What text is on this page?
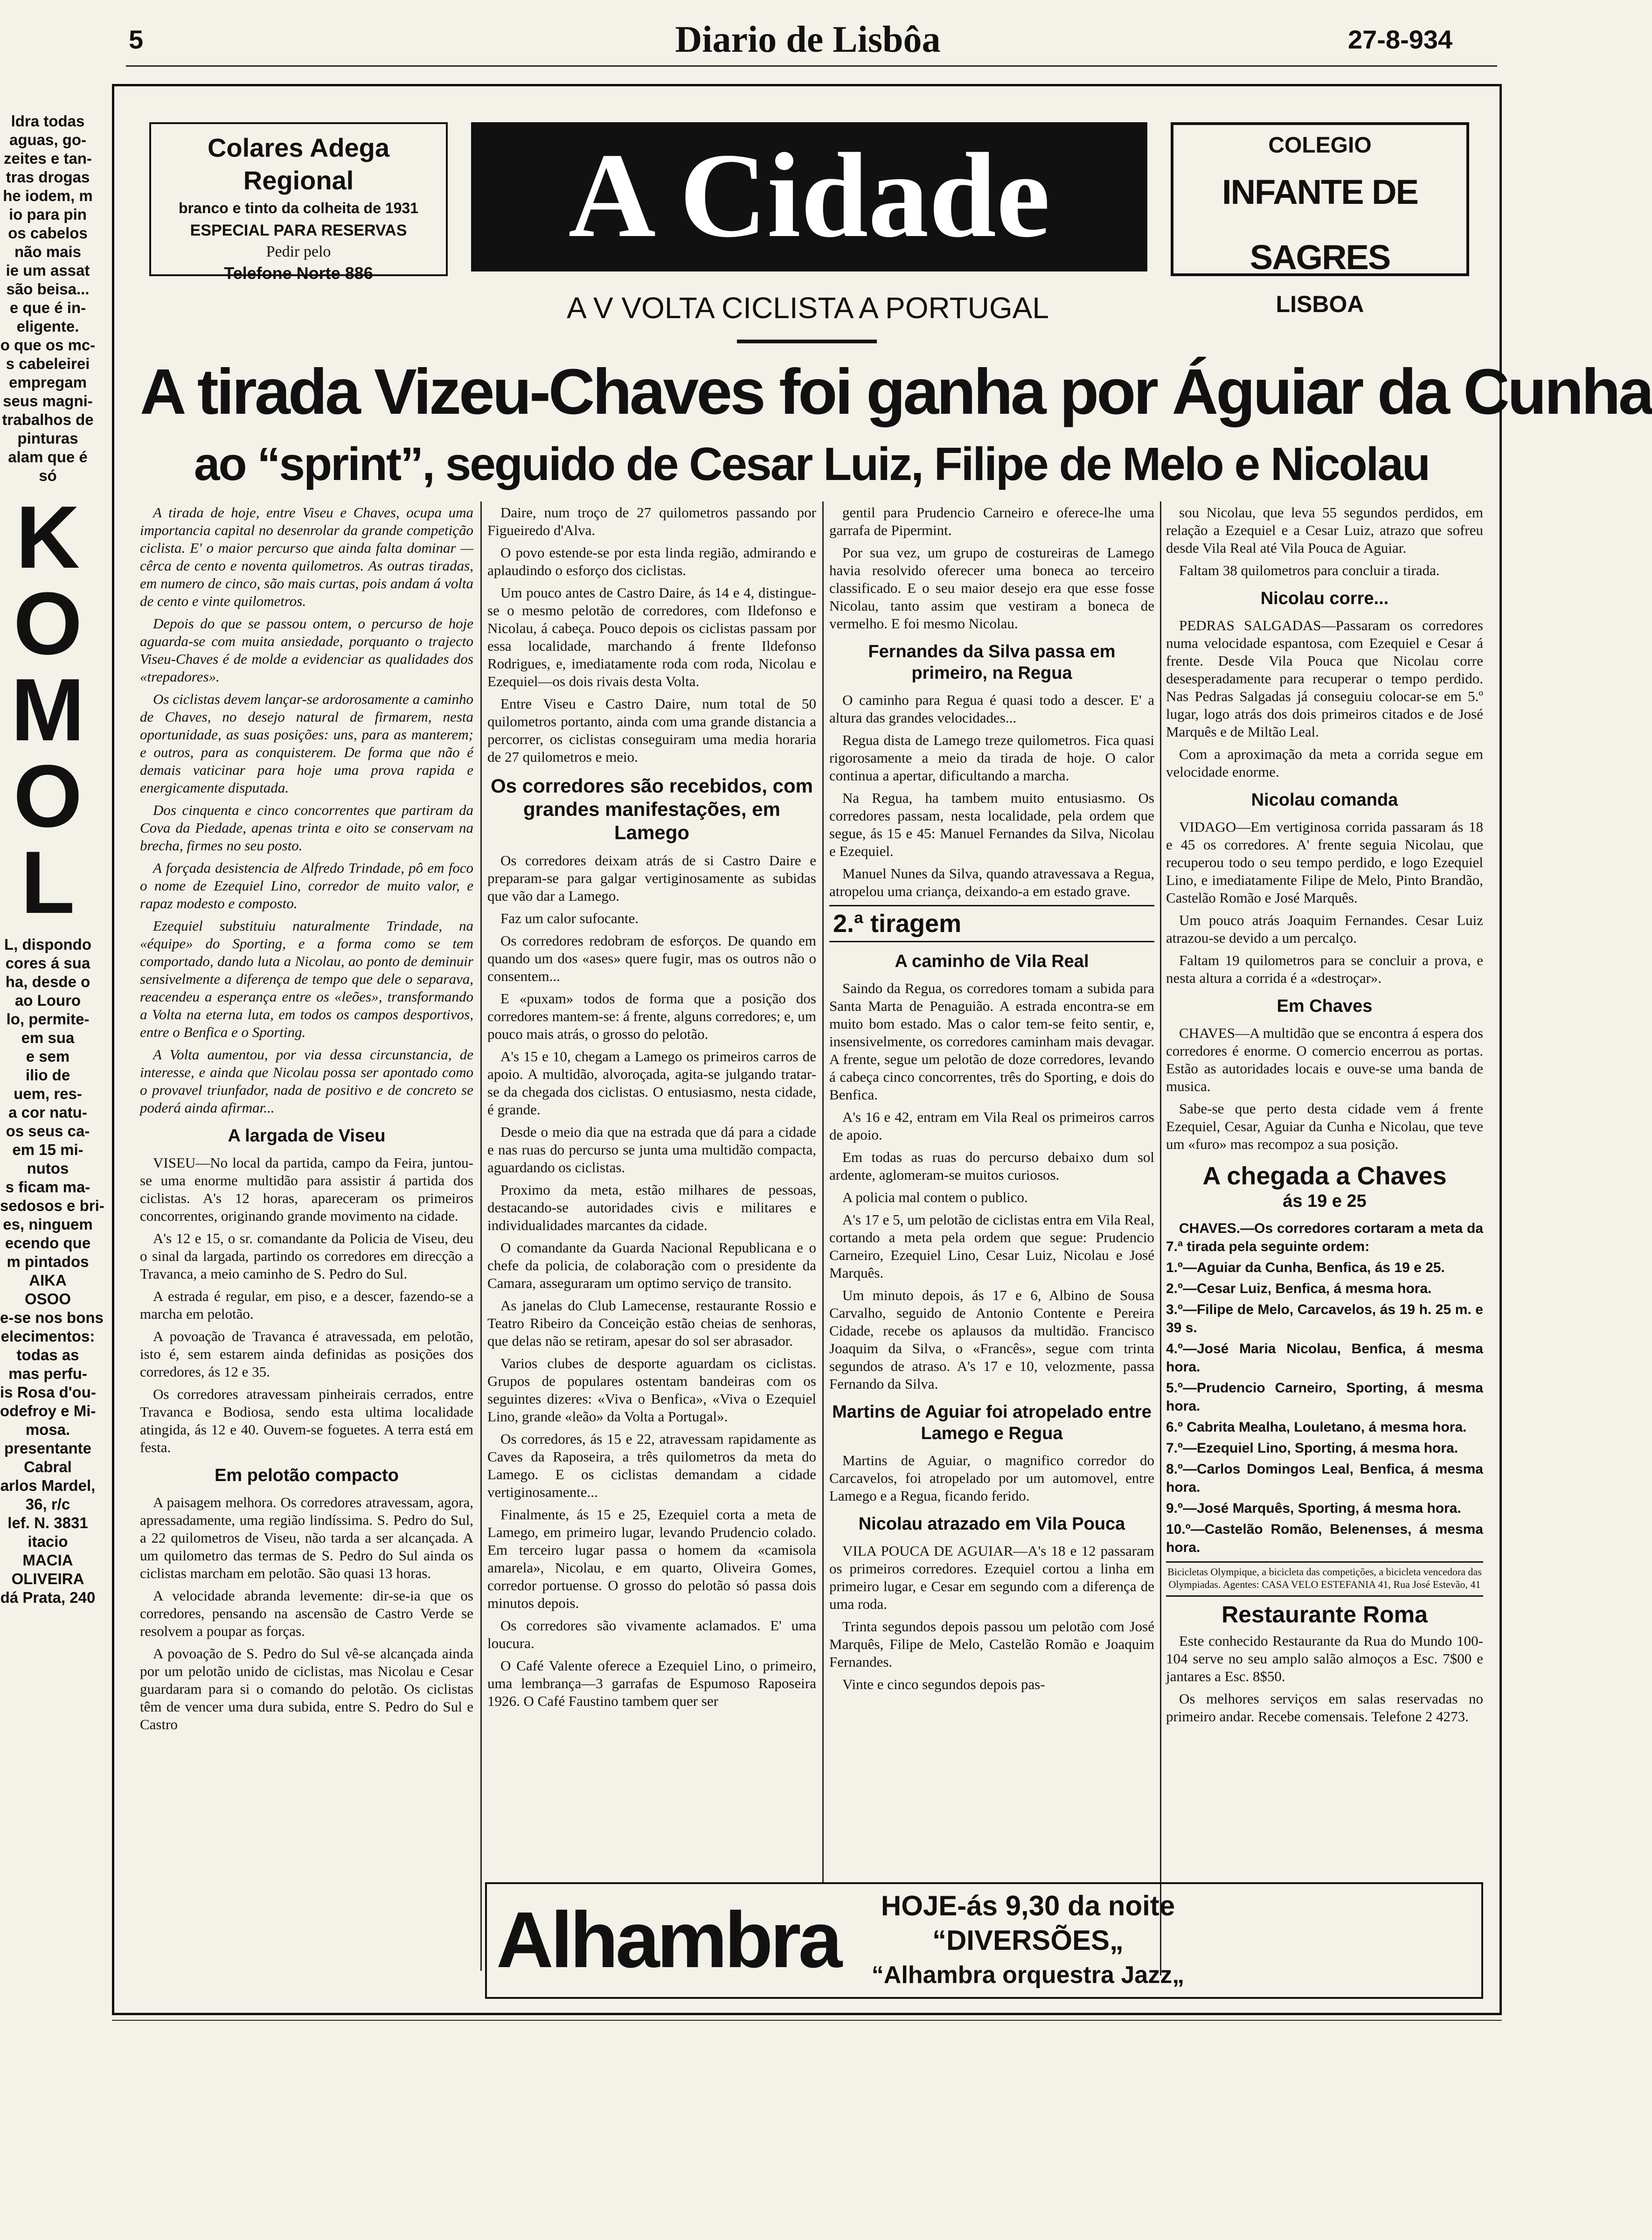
5	Diario de Lisbôa	27-8-934
ldra todas
aguas, go-
zeites e tan-
tras drogas
he iodem, m
io para pin
os cabelos
não mais
ie um assat
são beisa...
e que é in-
eligente.
o que os mc-
s cabeleirei
empregam
seus magni-
trabalhos de
pinturas
alam que é
só
K
O
M
O
L
L, dispondo
cores á sua
ha, desde o
ao Louro
lo, permite-
em sua
e sem
ilio de
uem, res-
a cor natu-
os seus ca-
em 15 mi-
nutos
s ficam ma-
sedosos e bri-
es, ninguem
ecendo que
m pintados
AIKA
OSOO
e-se nos bons
elecimentos:
todas as
mas perfu-
is Rosa d'ou-
odefroy e Mi-
mosa.
presentante
Cabral
arlos Mardel,
36, r/c
lef. N. 3831
itacio
MACIA
OLIVEIRA
dá Prata, 240
Colares Adega Regional
branco e tinto da colheita de 1931
ESPECIAL PARA RESERVAS
Pedir pelo
Telefone Norte 886
A Cidade	COLEGIO
INFANTE DE SAGRES
LISBOA
A V VOLTA CICLISTA A PORTUGAL
A tirada Vizeu-Chaves foi ganha por Águiar da Cunha
ao “sprint”, seguido de Cesar Luiz, Filipe de Melo e Nicolau

A tirada de hoje, entre Viseu e Chaves, ocupa uma importancia capital no desenrolar da grande competição ciclista. E' o maior percurso que ainda falta dominar — cêrca de cento e noventa quilometros. As outras tiradas, em numero de cinco, são mais curtas, pois andam á volta de cento e vinte quilometros.

Depois do que se passou ontem, o percurso de hoje aguarda-se com muita ansiedade, porquanto o trajecto Viseu-Chaves é de molde a evidenciar as qualidades dos «trepadores».

Os ciclistas devem lançar-se ardorosamente a caminho de Chaves, no desejo natural de firmarem, nesta oportunidade, as suas posições: uns, para as manterem; e outros, para as conquisterem. De forma que não é demais vaticinar para hoje uma prova rapida e energicamente disputada.

Dos cinquenta e cinco concorrentes que partiram da Cova da Piedade, apenas trinta e oito se conservam na brecha, firmes no seu posto.

A forçada desistencia de Alfredo Trindade, pô em foco o nome de Ezequiel Lino, corredor de muito valor, e rapaz modesto e composto.

Ezequiel substituiu naturalmente Trindade, na «équipe» do Sporting, e a forma como se tem comportado, dando luta a Nicolau, ao ponto de deminuir sensivelmente a diferença de tempo que dele o separava, reacendeu a esperança entre os «leões», transformando a Volta na eterna luta, em todos os campos desportivos, entre o Benfica e o Sporting.

A Volta aumentou, por via dessa circunstancia, de interesse, e ainda que Nicolau possa ser apontado como o provavel triunfador, nada de positivo e de concreto se poderá ainda afirmar...

A largada de Viseu

VISEU—No local da partida, campo da Feira, juntou-se uma enorme multidão para assistir á partida dos ciclistas. A's 12 horas, apareceram os primeiros concorrentes, originando grande movimento na cidade.

A's 12 e 15, o sr. comandante da Policia de Viseu, deu o sinal da largada, partindo os corredores em direcção a Travanca, a meio caminho de S. Pedro do Sul.

A estrada é regular, em piso, e a descer, fazendo-se a marcha em pelotão.

A povoação de Travanca é atravessada, em pelotão, isto é, sem estarem ainda definidas as posições dos corredores, ás 12 e 35.

Os corredores atravessam pinheirais cerrados, entre Travanca e Bodiosa, sendo esta ultima localidade atingida, ás 12 e 40. Ouvem-se foguetes. A terra está em festa.

Em pelotão compacto

A paisagem melhora. Os corredores atravessam, agora, apressadamente, uma região lindíssima. S. Pedro do Sul, a 22 quilometros de Viseu, não tarda a ser alcançada. A um quilometro das termas de S. Pedro do Sul ainda os ciclistas marcham em pelotão. São quasi 13 horas.

A velocidade abranda levemente: dir-se-ia que os corredores, pensando na ascensão de Castro Verde se resolvem a poupar as forças.

A povoação de S. Pedro do Sul vê-se alcançada ainda por um pelotão unido de ciclistas, mas Nicolau e Cesar guardaram para si o comando do pelotão. Os ciclistas têm de vencer uma dura subida, entre S. Pedro do Sul e Castro

Daire, num troço de 27 quilometros passando por Figueiredo d'Alva.

O povo estende-se por esta linda região, admirando e aplaudindo o esforço dos ciclistas.

Um pouco antes de Castro Daire, ás 14 e 4, distingue-se o mesmo pelotão de corredores, com Ildefonso e Nicolau, á cabeça. Pouco depois os ciclistas passam por essa localidade, marchando á frente Ildefonso Rodrigues, e, imediatamente roda com roda, Nicolau e Ezequiel—os dois rivais desta Volta.

Entre Viseu e Castro Daire, num total de 50 quilometros portanto, ainda com uma grande distancia a percorrer, os ciclistas conseguiram uma media horaria de 27 quilometros e meio.

Os corredores são recebidos, com grandes manifestações, em Lamego

Os corredores deixam atrás de si Castro Daire e preparam-se para galgar vertiginosamente as subidas que vão dar a Lamego.

Faz um calor sufocante.

Os corredores redobram de esforços. De quando em quando um dos «ases» quere fugir, mas os outros não o consentem...

E «puxam» todos de forma que a posição dos corredores mantem-se: á frente, alguns corredores; e, um pouco mais atrás, o grosso do pelotão.

A's 15 e 10, chegam a Lamego os primeiros carros de apoio. A multidão, alvoroçada, agita-se julgando tratar-se da chegada dos ciclistas. O entusiasmo, nesta cidade, é grande.

Desde o meio dia que na estrada que dá para a cidade e nas ruas do percurso se junta uma multidão compacta, aguardando os ciclistas.

Proximo da meta, estão milhares de pessoas, destacando-se autoridades civis e militares e individualidades marcantes da cidade.

O comandante da Guarda Nacional Republicana e o chefe da policia, de colaboração com o presidente da Camara, asseguraram um optimo serviço de transito.

As janelas do Club Lamecense, restaurante Rossio e Teatro Ribeiro da Conceição estão cheias de senhoras, que delas não se retiram, apesar do sol ser abrasador.

Varios clubes de desporte aguardam os ciclistas. Grupos de populares ostentam bandeiras com os seguintes dizeres: «Viva o Benfica», «Viva o Ezequiel Lino, grande «leão» da Volta a Portugal».

Os corredores, ás 15 e 22, atravessam rapidamente as Caves da Raposeira, a três quilometros da meta do Lamego. E os ciclistas demandam a cidade vertiginosamente...

Finalmente, ás 15 e 25, Ezequiel corta a meta de Lamego, em primeiro lugar, levando Prudencio colado. Em terceiro lugar passa o homem da «camisola amarela», Nicolau, e em quarto, Oliveira Gomes, corredor portuense. O grosso do pelotão só passa dois minutos depois.

Os corredores são vivamente aclamados. E' uma loucura.

O Café Valente oferece a Ezequiel Lino, o primeiro, uma lembrança—3 garrafas de Espumoso Raposeira 1926. O Café Faustino tambem quer ser

gentil para Prudencio Carneiro e oferece-lhe uma garrafa de Pipermint.

Por sua vez, um grupo de costureiras de Lamego havia resolvido oferecer uma boneca ao terceiro classificado. E o seu maior desejo era que esse fosse Nicolau, tanto assim que vestiram a boneca de vermelho. E foi mesmo Nicolau.

Fernandes da Silva passa em primeiro, na Regua

O caminho para Regua é quasi todo a descer. E' a altura das grandes velocidades...

Regua dista de Lamego treze quilometros. Fica quasi rigorosamente a meio da tirada de hoje. O calor continua a apertar, dificultando a marcha.

Na Regua, ha tambem muito entusiasmo. Os corredores passam, nesta localidade, pela ordem que segue, ás 15 e 45: Manuel Fernandes da Silva, Nicolau e Ezequiel.

Manuel Nunes da Silva, quando atravessava a Regua, atropelou uma criança, deixando-a em estado grave.

2.ª tiragem
A caminho de Vila Real

Saindo da Regua, os corredores tomam a subida para Santa Marta de Penaguião. A estrada encontra-se em muito bom estado. Mas o calor tem-se feito sentir, e, insensivelmente, os corredores caminham mais devagar. A frente, segue um pelotão de doze corredores, levando á cabeça cinco concorrentes, três do Sporting, e dois do Benfica.

A's 16 e 42, entram em Vila Real os primeiros carros de apoio.

Em todas as ruas do percurso debaixo dum sol ardente, aglomeram-se muitos curiosos.

A policia mal contem o publico.

A's 17 e 5, um pelotão de ciclistas entra em Vila Real, cortando a meta pela ordem que segue: Prudencio Carneiro, Ezequiel Lino, Cesar Luiz, Nicolau e José Marquês.

Um minuto depois, ás 17 e 6, Albino de Sousa Carvalho, seguido de Antonio Contente e Pereira Cidade, recebe os aplausos da multidão. Francisco Joaquim da Silva, o «Francês», segue com trinta segundos de atraso. A's 17 e 10, velozmente, passa Fernando da Silva.

Martins de Aguiar foi atropelado entre Lamego e Regua

Martins de Aguiar, o magnifico corredor do Carcavelos, foi atropelado por um automovel, entre Lamego e a Regua, ficando ferido.

Nicolau atrazado em Vila Pouca

VILA POUCA DE AGUIAR—A's 18 e 12 passaram os primeiros corredores. Ezequiel cortou a linha em primeiro lugar, e Cesar em segundo com a diferença de uma roda.

Trinta segundos depois passou um pelotão com José Marquês, Filipe de Melo, Castelão Romão e Joaquim Fernandes.

Vinte e cinco segundos depois pas-

sou Nicolau, que leva 55 segundos perdidos, em relação a Ezequiel e a Cesar Luiz, atrazo que sofreu desde Vila Real até Vila Pouca de Aguiar.

Faltam 38 quilometros para concluir a tirada.

Nicolau corre...

PEDRAS SALGADAS—Passaram os corredores numa velocidade espantosa, com Ezequiel e Cesar á frente. Desde Vila Pouca que Nicolau corre desesperadamente para recuperar o tempo perdido. Nas Pedras Salgadas já conseguiu colocar-se em 5.º lugar, logo atrás dos dois primeiros citados e de José Marquês e de Miltão Leal.

Com a aproximação da meta a corrida segue em velocidade enorme.

Nicolau comanda

VIDAGO—Em vertiginosa corrida passaram ás 18 e 45 os corredores. A' frente seguia Nicolau, que recuperou todo o seu tempo perdido, e logo Ezequiel Lino, e imediatamente Filipe de Melo, Pinto Brandão, Castelão Romão e José Marquês.

Um pouco atrás Joaquim Fernandes. Cesar Luiz atrazou-se devido a um percalço.

Faltam 19 quilometros para se concluir a prova, e nesta altura a corrida é a «destroçar».

Em Chaves

CHAVES—A multidão que se encontra á espera dos corredores é enorme. O comercio encerrou as portas. Estão as autoridades locais e ouve-se uma banda de musica.

Sabe-se que perto desta cidade vem á frente Ezequiel, Cesar, Aguiar da Cunha e Nicolau, que teve um «furo» mas recompoz a sua posição.

A chegada a Chaves
ás 19 e 25

CHAVES.—Os corredores cortaram a meta da 7.ª tirada pela seguinte ordem:

1.º—Aguiar da Cunha, Benfica, ás 19 e 25.

2.º—Cesar Luiz, Benfica, á mesma hora.

3.º—Filipe de Melo, Carcavelos, ás 19 h. 25 m. e 39 s.

4.º—José Maria Nicolau, Benfica, á mesma hora.

5.º—Prudencio Carneiro, Sporting, á mesma hora.

6.º Cabrita Mealha, Louletano, á mesma hora.

7.º—Ezequiel Lino, Sporting, á mesma hora.

8.º—Carlos Domingos Leal, Benfica, á mesma hora.

9.º—José Marquês, Sporting, á mesma hora.

10.º—Castelão Romão, Belenenses, á mesma hora.

Bicicletas Olympique, a bicicleta das competições, a bicicleta vencedora das Olympiadas. Agentes: CASA VELO ESTEFANIA 41, Rua José Estevão, 41

Restaurante Roma

Este conhecido Restaurante da Rua do Mundo 100-104 serve no seu amplo salão almoços a Esc. 7$00 e jantares a Esc. 8$50.

Os melhores serviços em salas reservadas no primeiro andar. Recebe comensais. Telefone 2 4273.

Alhambra	HOJE-ás 9,30 da noite
“DIVERSÕES„
“Alhambra orquestra Jazz„
